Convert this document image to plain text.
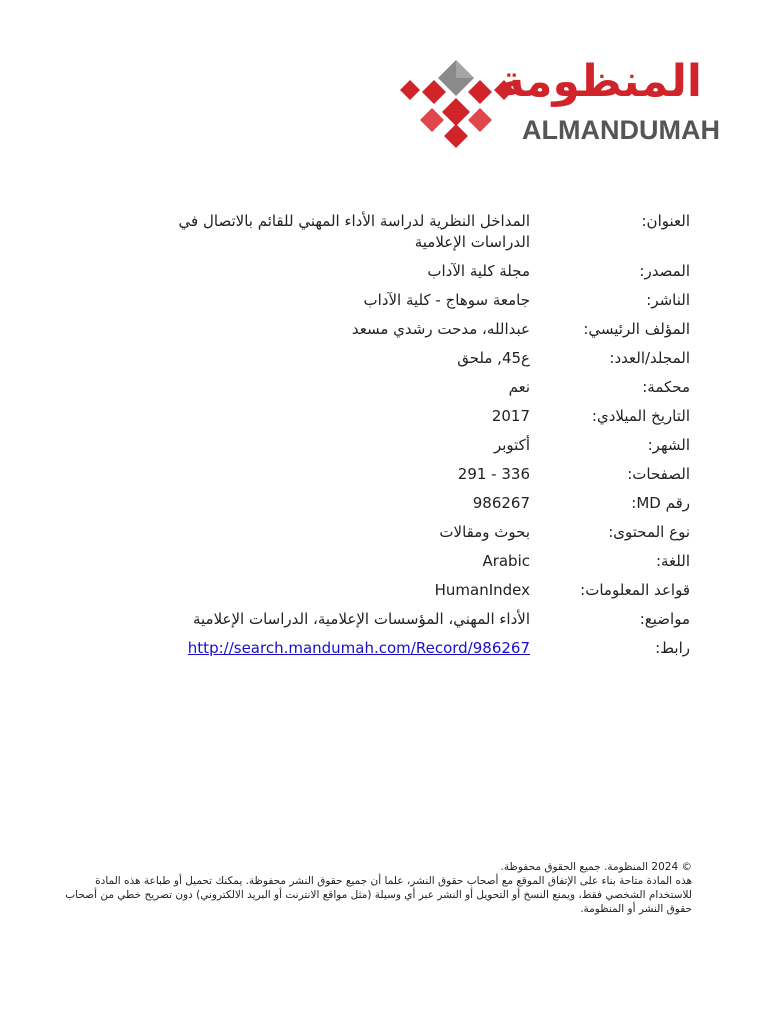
المنظومة
ALMANDUMAH
العنوان:
المداخل النظرية لدراسة الأداء المهني للقائم بالاتصال في الدراسات الإعلامية
المصدر:
مجلة كلية الآداب
الناشر:
جامعة سوهاج - كلية الآداب
المؤلف الرئيسي:
عبدالله، مدحت رشدي مسعد
المجلد/العدد:
ع45, ملحق
محكمة:
نعم
التاريخ الميلادي:
2017
الشهر:
أكتوبر
الصفحات:
291 - 336
رقم MD:
986267
نوع المحتوى:
بحوث ومقالات
اللغة:
Arabic
قواعد المعلومات:
HumanIndex
مواضيع:
الأداء المهني، المؤسسات الإعلامية، الدراسات الإعلامية
رابط:
http://search.mandumah.com/Record/986267

© 2024 المنظومة. جميع الحقوق محفوظة.

هذه المادة متاحة بناء على الإتفاق الموقع مع أصحاب حقوق النشر، علما أن جميع حقوق النشر محفوظة. يمكنك تحميل أو طباعة هذه المادة للاستخدام الشخصي فقط، ويمنع النسخ أو التحويل أو النشر عبر أي وسيلة (مثل مواقع الانترنت أو البريد الالكتروني) دون تصريح خطي من أصحاب حقوق النشر أو المنظومة.
